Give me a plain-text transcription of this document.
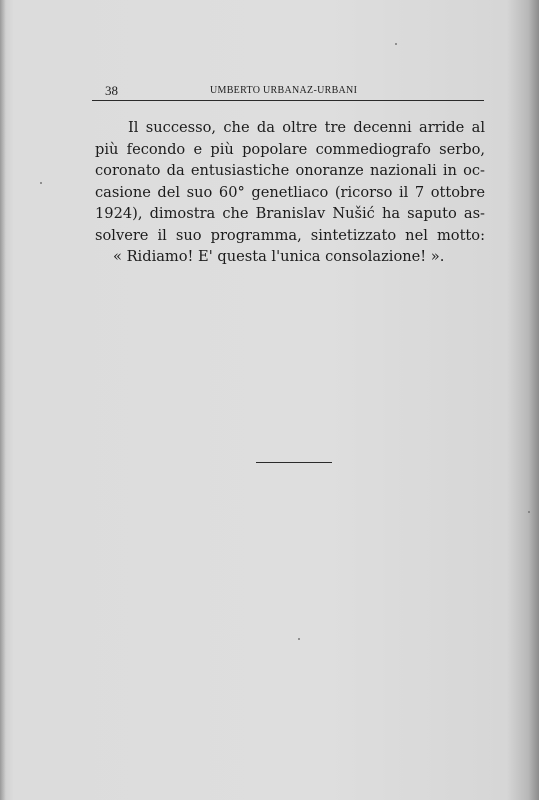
38	UMBERTO URBANAZ-URBANI
Il successo, che da oltre tre decenni arride al
più fecondo e più popolare commediografo serbo,
coronato da entusiastiche onoranze nazionali in oc-
casione del suo 60° genetliaco (ricorso il 7 ottobre
1924), dimostra che Branislav Nušić ha saputo as-
solvere il suo programma, sintetizzato nel motto:
« Ridiamo! E' questa l'unica consolazione! ».
